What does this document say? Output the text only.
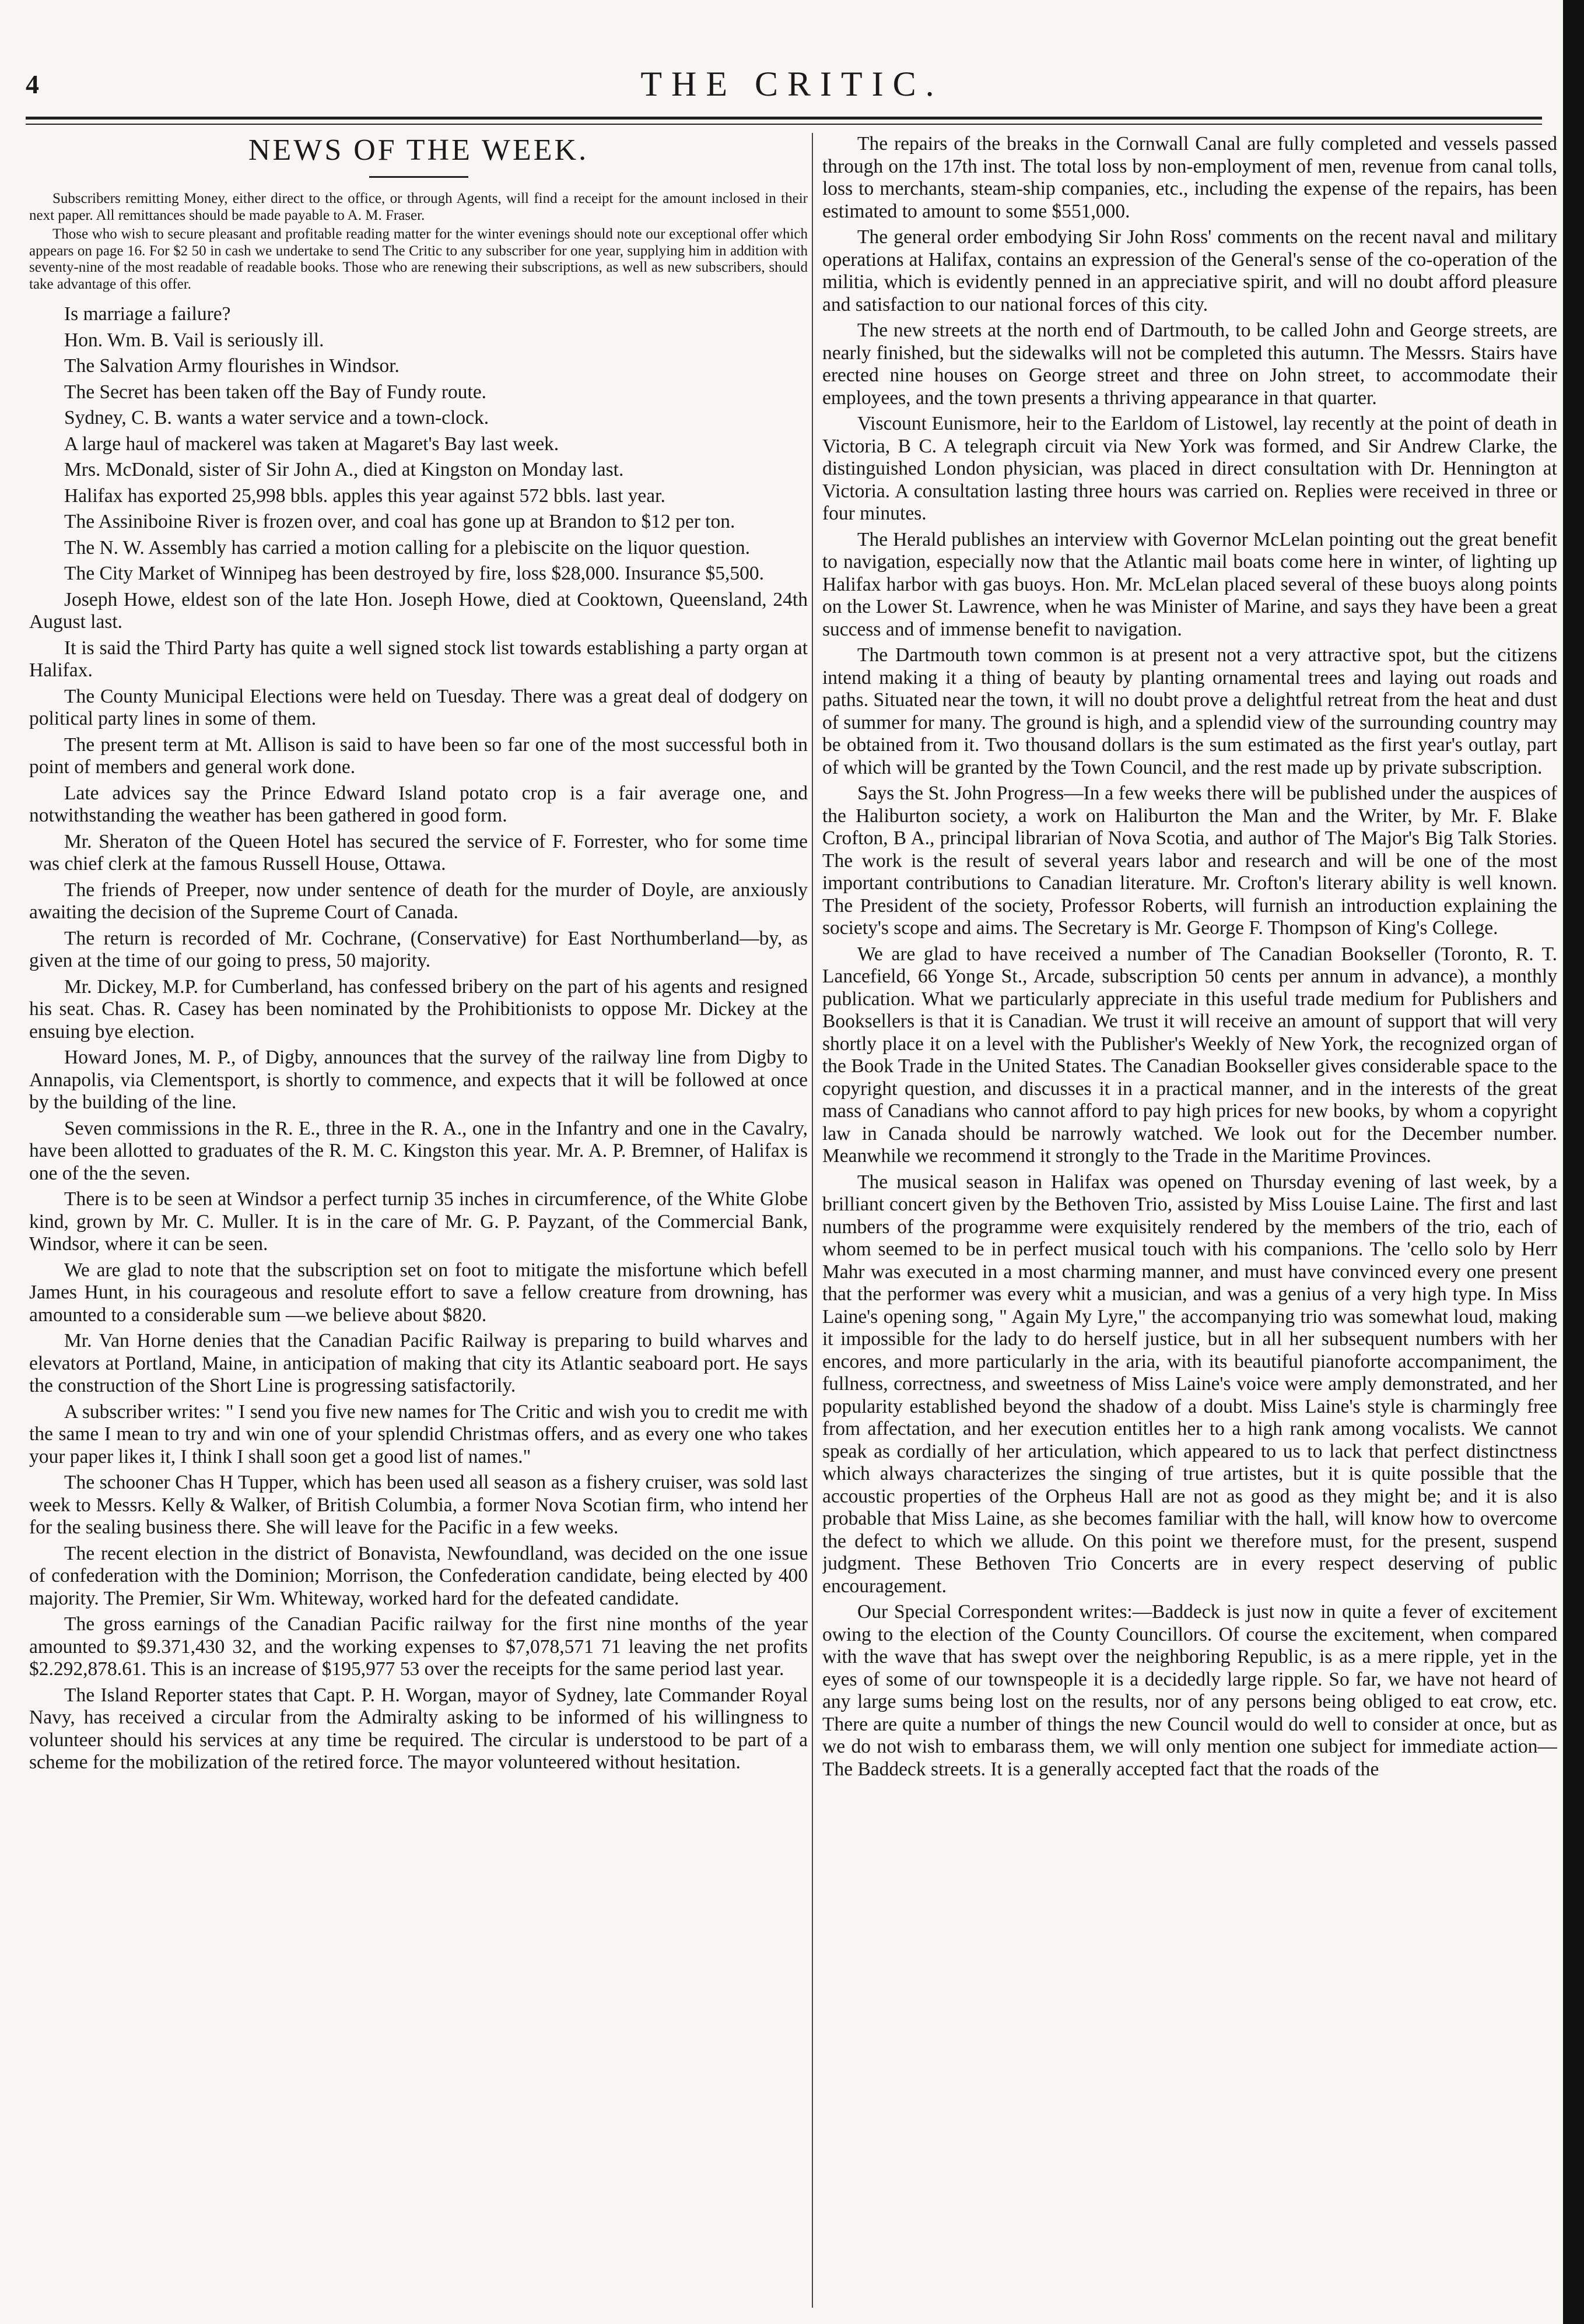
4	THE CRITIC.
NEWS OF THE WEEK.

Subscribers remitting Money, either direct to the office, or through Agents, will find a receipt for the amount inclosed in their next paper. All remittances should be made payable to A. M. Fraser.

Those who wish to secure pleasant and profitable reading matter for the winter evenings should note our exceptional offer which appears on page 16. For $2 50 in cash we undertake to send The Critic to any subscriber for one year, supplying him in addition with seventy-nine of the most readable of readable books. Those who are renewing their subscriptions, as well as new subscribers, should take advantage of this offer.

Is marriage a failure?

Hon. Wm. B. Vail is seriously ill.

The Salvation Army flourishes in Windsor.

The Secret has been taken off the Bay of Fundy route.

Sydney, C. B. wants a water service and a town-clock.

A large haul of mackerel was taken at Magaret's Bay last week.

Mrs. McDonald, sister of Sir John A., died at Kingston on Monday last.

Halifax has exported 25,998 bbls. apples this year against 572 bbls. last year.

The Assiniboine River is frozen over, and coal has gone up at Brandon to $12 per ton.

The N. W. Assembly has carried a motion calling for a plebiscite on the liquor question.

The City Market of Winnipeg has been destroyed by fire, loss $28,000. Insurance $5,500.

Joseph Howe, eldest son of the late Hon. Joseph Howe, died at Cooktown, Queensland, 24th August last.

It is said the Third Party has quite a well signed stock list towards establishing a party organ at Halifax.

The County Municipal Elections were held on Tuesday. There was a great deal of dodgery on political party lines in some of them.

The present term at Mt. Allison is said to have been so far one of the most successful both in point of members and general work done.

Late advices say the Prince Edward Island potato crop is a fair average one, and notwithstanding the weather has been gathered in good form.

Mr. Sheraton of the Queen Hotel has secured the service of F. Forrester, who for some time was chief clerk at the famous Russell House, Ottawa.

The friends of Preeper, now under sentence of death for the murder of Doyle, are anxiously awaiting the decision of the Supreme Court of Canada.

The return is recorded of Mr. Cochrane, (Conservative) for East Northumberland—by, as given at the time of our going to press, 50 majority.

Mr. Dickey, M.P. for Cumberland, has confessed bribery on the part of his agents and resigned his seat. Chas. R. Casey has been nominated by the Prohibitionists to oppose Mr. Dickey at the ensuing bye election.

Howard Jones, M. P., of Digby, announces that the survey of the railway line from Digby to Annapolis, via Clementsport, is shortly to commence, and expects that it will be followed at once by the building of the line.

Seven commissions in the R. E., three in the R. A., one in the Infantry and one in the Cavalry, have been allotted to graduates of the R. M. C. Kingston this year. Mr. A. P. Bremner, of Halifax is one of the the seven.

There is to be seen at Windsor a perfect turnip 35 inches in circumference, of the White Globe kind, grown by Mr. C. Muller. It is in the care of Mr. G. P. Payzant, of the Commercial Bank, Windsor, where it can be seen.

We are glad to note that the subscription set on foot to mitigate the misfortune which befell James Hunt, in his courageous and resolute effort to save a fellow creature from drowning, has amounted to a considerable sum —we believe about $820.

Mr. Van Horne denies that the Canadian Pacific Railway is preparing to build wharves and elevators at Portland, Maine, in anticipation of making that city its Atlantic seaboard port. He says the construction of the Short Line is progressing satisfactorily.

A subscriber writes: " I send you five new names for The Critic and wish you to credit me with the same I mean to try and win one of your splendid Christmas offers, and as every one who takes your paper likes it, I think I shall soon get a good list of names."

The schooner Chas H Tupper, which has been used all season as a fishery cruiser, was sold last week to Messrs. Kelly & Walker, of British Columbia, a former Nova Scotian firm, who intend her for the sealing business there. She will leave for the Pacific in a few weeks.

The recent election in the district of Bonavista, Newfoundland, was decided on the one issue of confederation with the Dominion; Morrison, the Confederation candidate, being elected by 400 majority. The Premier, Sir Wm. Whiteway, worked hard for the defeated candidate.

The gross earnings of the Canadian Pacific railway for the first nine months of the year amounted to $9.371,430 32, and the working expenses to $7,078,571 71 leaving the net profits $2.292,878.61. This is an increase of $195,977 53 over the receipts for the same period last year.

The Island Reporter states that Capt. P. H. Worgan, mayor of Sydney, late Commander Royal Navy, has received a circular from the Admiralty asking to be informed of his willingness to volunteer should his services at any time be required. The circular is understood to be part of a scheme for the mobilization of the retired force. The mayor volunteered without hesitation.

The repairs of the breaks in the Cornwall Canal are fully completed and vessels passed through on the 17th inst. The total loss by non-employment of men, revenue from canal tolls, loss to merchants, steam-ship companies, etc., including the expense of the repairs, has been estimated to amount to some $551,000.

The general order embodying Sir John Ross' comments on the recent naval and military operations at Halifax, contains an expression of the General's sense of the co-operation of the militia, which is evidently penned in an appreciative spirit, and will no doubt afford pleasure and satisfaction to our national forces of this city.

The new streets at the north end of Dartmouth, to be called John and George streets, are nearly finished, but the sidewalks will not be completed this autumn. The Messrs. Stairs have erected nine houses on George street and three on John street, to accommodate their employees, and the town presents a thriving appearance in that quarter.

Viscount Eunismore, heir to the Earldom of Listowel, lay recently at the point of death in Victoria, B C. A telegraph circuit via New York was formed, and Sir Andrew Clarke, the distinguished London physician, was placed in direct consultation with Dr. Hennington at Victoria. A consultation lasting three hours was carried on. Replies were received in three or four minutes.

The Herald publishes an interview with Governor McLelan pointing out the great benefit to navigation, especially now that the Atlantic mail boats come here in winter, of lighting up Halifax harbor with gas buoys. Hon. Mr. McLelan placed several of these buoys along points on the Lower St. Lawrence, when he was Minister of Marine, and says they have been a great success and of immense benefit to navigation.

The Dartmouth town common is at present not a very attractive spot, but the citizens intend making it a thing of beauty by planting ornamental trees and laying out roads and paths. Situated near the town, it will no doubt prove a delightful retreat from the heat and dust of summer for many. The ground is high, and a splendid view of the surrounding country may be obtained from it. Two thousand dollars is the sum estimated as the first year's outlay, part of which will be granted by the Town Council, and the rest made up by private subscription.

Says the St. John Progress—In a few weeks there will be published under the auspices of the Haliburton society, a work on Haliburton the Man and the Writer, by Mr. F. Blake Crofton, B A., principal librarian of Nova Scotia, and author of The Major's Big Talk Stories. The work is the result of several years labor and research and will be one of the most important contributions to Canadian literature. Mr. Crofton's literary ability is well known. The President of the society, Professor Roberts, will furnish an introduction explaining the society's scope and aims. The Secretary is Mr. George F. Thompson of King's College.

We are glad to have received a number of The Canadian Bookseller (Toronto, R. T. Lancefield, 66 Yonge St., Arcade, subscription 50 cents per annum in advance), a monthly publication. What we particularly appreciate in this useful trade medium for Publishers and Booksellers is that it is Canadian. We trust it will receive an amount of support that will very shortly place it on a level with the Publisher's Weekly of New York, the recognized organ of the Book Trade in the United States. The Canadian Bookseller gives considerable space to the copyright question, and discusses it in a practical manner, and in the interests of the great mass of Canadians who cannot afford to pay high prices for new books, by whom a copyright law in Canada should be narrowly watched. We look out for the December number. Meanwhile we recommend it strongly to the Trade in the Maritime Provinces.

The musical season in Halifax was opened on Thursday evening of last week, by a brilliant concert given by the Bethoven Trio, assisted by Miss Louise Laine. The first and last numbers of the programme were exquisitely rendered by the members of the trio, each of whom seemed to be in perfect musical touch with his companions. The 'cello solo by Herr Mahr was executed in a most charming manner, and must have convinced every one present that the performer was every whit a musician, and was a genius of a very high type. In Miss Laine's opening song, " Again My Lyre," the accompanying trio was somewhat loud, making it impossible for the lady to do herself justice, but in all her subsequent numbers with her encores, and more particularly in the aria, with its beautiful pianoforte accompaniment, the fullness, correctness, and sweetness of Miss Laine's voice were amply demonstrated, and her popularity established beyond the shadow of a doubt. Miss Laine's style is charmingly free from affectation, and her execution entitles her to a high rank among vocalists. We cannot speak as cordially of her articulation, which appeared to us to lack that perfect distinctness which always characterizes the singing of true artistes, but it is quite possible that the accoustic properties of the Orpheus Hall are not as good as they might be; and it is also probable that Miss Laine, as she becomes familiar with the hall, will know how to overcome the defect to which we allude. On this point we therefore must, for the present, suspend judgment. These Bethoven Trio Concerts are in every respect deserving of public encouragement.

Our Special Correspondent writes:—Baddeck is just now in quite a fever of excitement owing to the election of the County Councillors. Of course the excitement, when compared with the wave that has swept over the neighboring Republic, is as a mere ripple, yet in the eyes of some of our townspeople it is a decidedly large ripple. So far, we have not heard of any large sums being lost on the results, nor of any persons being obliged to eat crow, etc. There are quite a number of things the new Council would do well to consider at once, but as we do not wish to embarass them, we will only mention one subject for immediate action—The Baddeck streets. It is a generally accepted fact that the roads of the
